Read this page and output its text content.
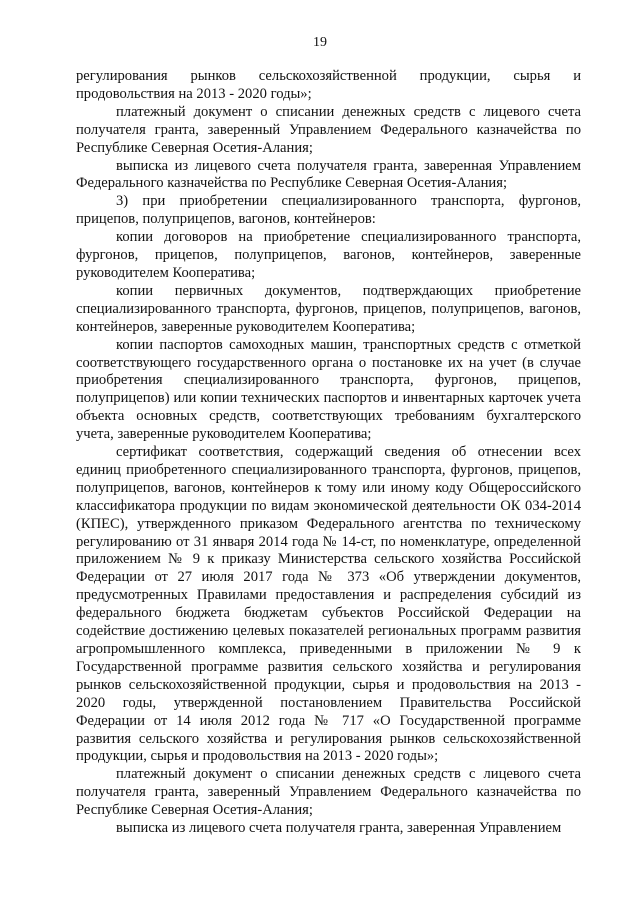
19

регулирования рынков сельскохозяйственной продукции, сырья и продовольствия на 2013 - 2020 годы»;

платежный документ о списании денежных средств с лицевого счета получателя гранта, заверенный Управлением Федерального казначейства по Республике Северная Осетия-Алания;

выписка из лицевого счета получателя гранта, заверенная Управлением Федерального казначейства по Республике Северная Осетия-Алания;

3) при приобретении специализированного транспорта, фургонов, прицепов, полуприцепов, вагонов, контейнеров:

копии договоров на приобретение специализированного транспорта, фургонов, прицепов, полуприцепов, вагонов, контейнеров, заверенные руководителем Кооператива;

копии первичных документов, подтверждающих приобретение специализированного транспорта, фургонов, прицепов, полуприцепов, вагонов, контейнеров, заверенные руководителем Кооператива;

копии паспортов самоходных машин, транспортных средств с отметкой соответствующего государственного органа о постановке их на учет (в случае приобретения специализированного транспорта, фургонов, прицепов, полуприцепов) или копии технических паспортов и инвентарных карточек учета объекта основных средств, соответствующих требованиям бухгалтерского учета, заверенные руководителем Кооператива;

сертификат соответствия, содержащий сведения об отнесении всех единиц приобретенного специализированного транспорта, фургонов, прицепов, полуприцепов, вагонов, контейнеров к тому или иному коду Общероссийского классификатора продукции по видам экономической деятельности ОК 034-2014 (КПЕС), утвержденного приказом Федерального агентства по техническому регулированию от 31 января 2014 года № 14-ст, по номенклатуре, определенной приложением № 9 к приказу Министерства сельского хозяйства Российской Федерации от 27 июля 2017 года № 373 «Об утверждении документов, предусмотренных Правилами предоставления и распределения субсидий из федерального бюджета бюджетам субъектов Российской Федерации на содействие достижению целевых показателей региональных программ развития агропромышленного комплекса, приведенными в приложении № 9 к Государственной программе развития сельского хозяйства и регулирования рынков сельскохозяйственной продукции, сырья и продовольствия на 2013 - 2020 годы, утвержденной постановлением Правительства Российской Федерации от 14 июля 2012 года № 717 «О Государственной программе развития сельского хозяйства и регулирования рынков сельскохозяйственной продукции, сырья и продовольствия на 2013 - 2020 годы»;

платежный документ о списании денежных средств с лицевого счета получателя гранта, заверенный Управлением Федерального казначейства по Республике Северная Осетия-Алания;

выписка из лицевого счета получателя гранта, заверенная Управлением
